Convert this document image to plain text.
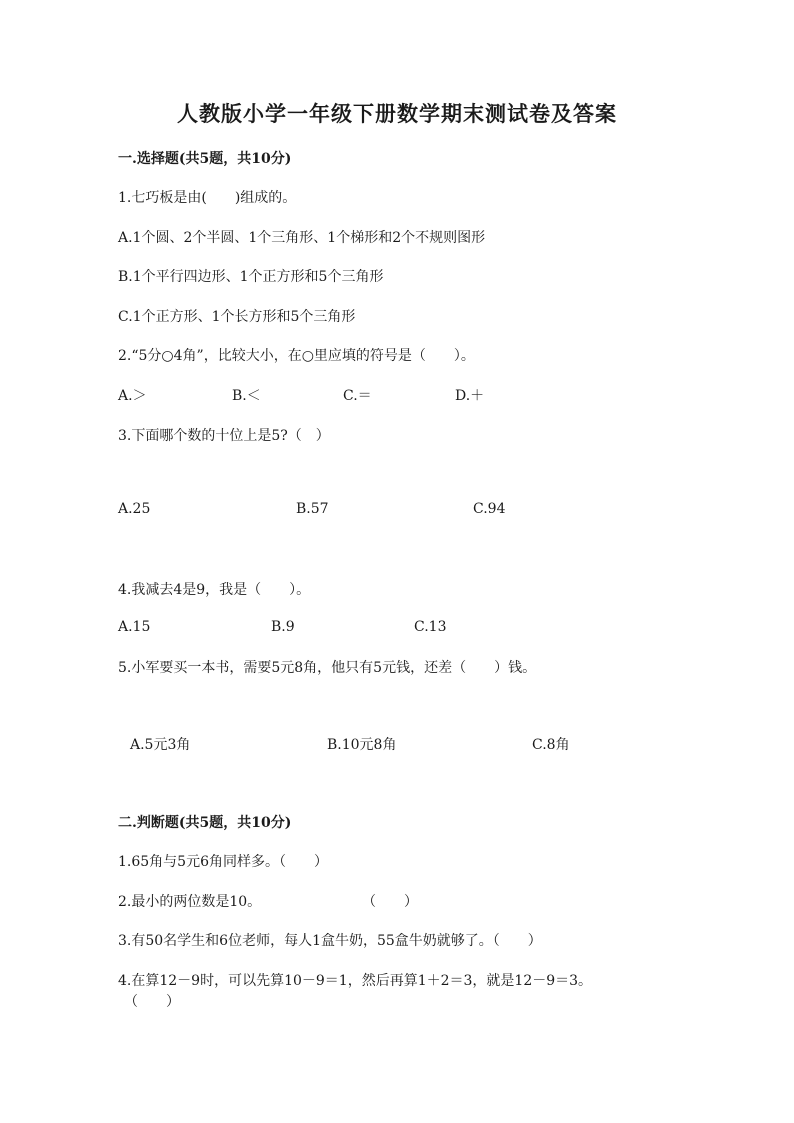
人教版小学一年级下册数学期末测试卷及答案
一.选择题(共5题，共10分)
1.七巧板是由(　　)组成的。
A.1个圆、2个半圆、1个三角形、1个梯形和2个不规则图形
B.1个平行四边形、1个正方形和5个三角形
C.1个正方形、1个长方形和5个三角形
2.“5分○4角”，比较大小，在○里应填的符号是（　　）。
A.＞	B.＜	C.＝	D.＋
3.下面哪个数的十位上是5?（　）
A.25	B.57	C.94
4.我减去4是9，我是（　　）。
A.15	B.9	C.13
5.小军要买一本书，需要5元8角，他只有5元钱，还差（　　）钱。
A.5元3角	B.10元8角	C.8角
二.判断题(共5题，共10分)
1.65角与5元6角同样多。（　　）
2.最小的两位数是10。	（　　）
3.有50名学生和6位老师，每人1盒牛奶，55盒牛奶就够了。（　　）
4.在算12－9时，可以先算10－9＝1，然后再算1＋2＝3，就是12－9＝3。
（　　）
